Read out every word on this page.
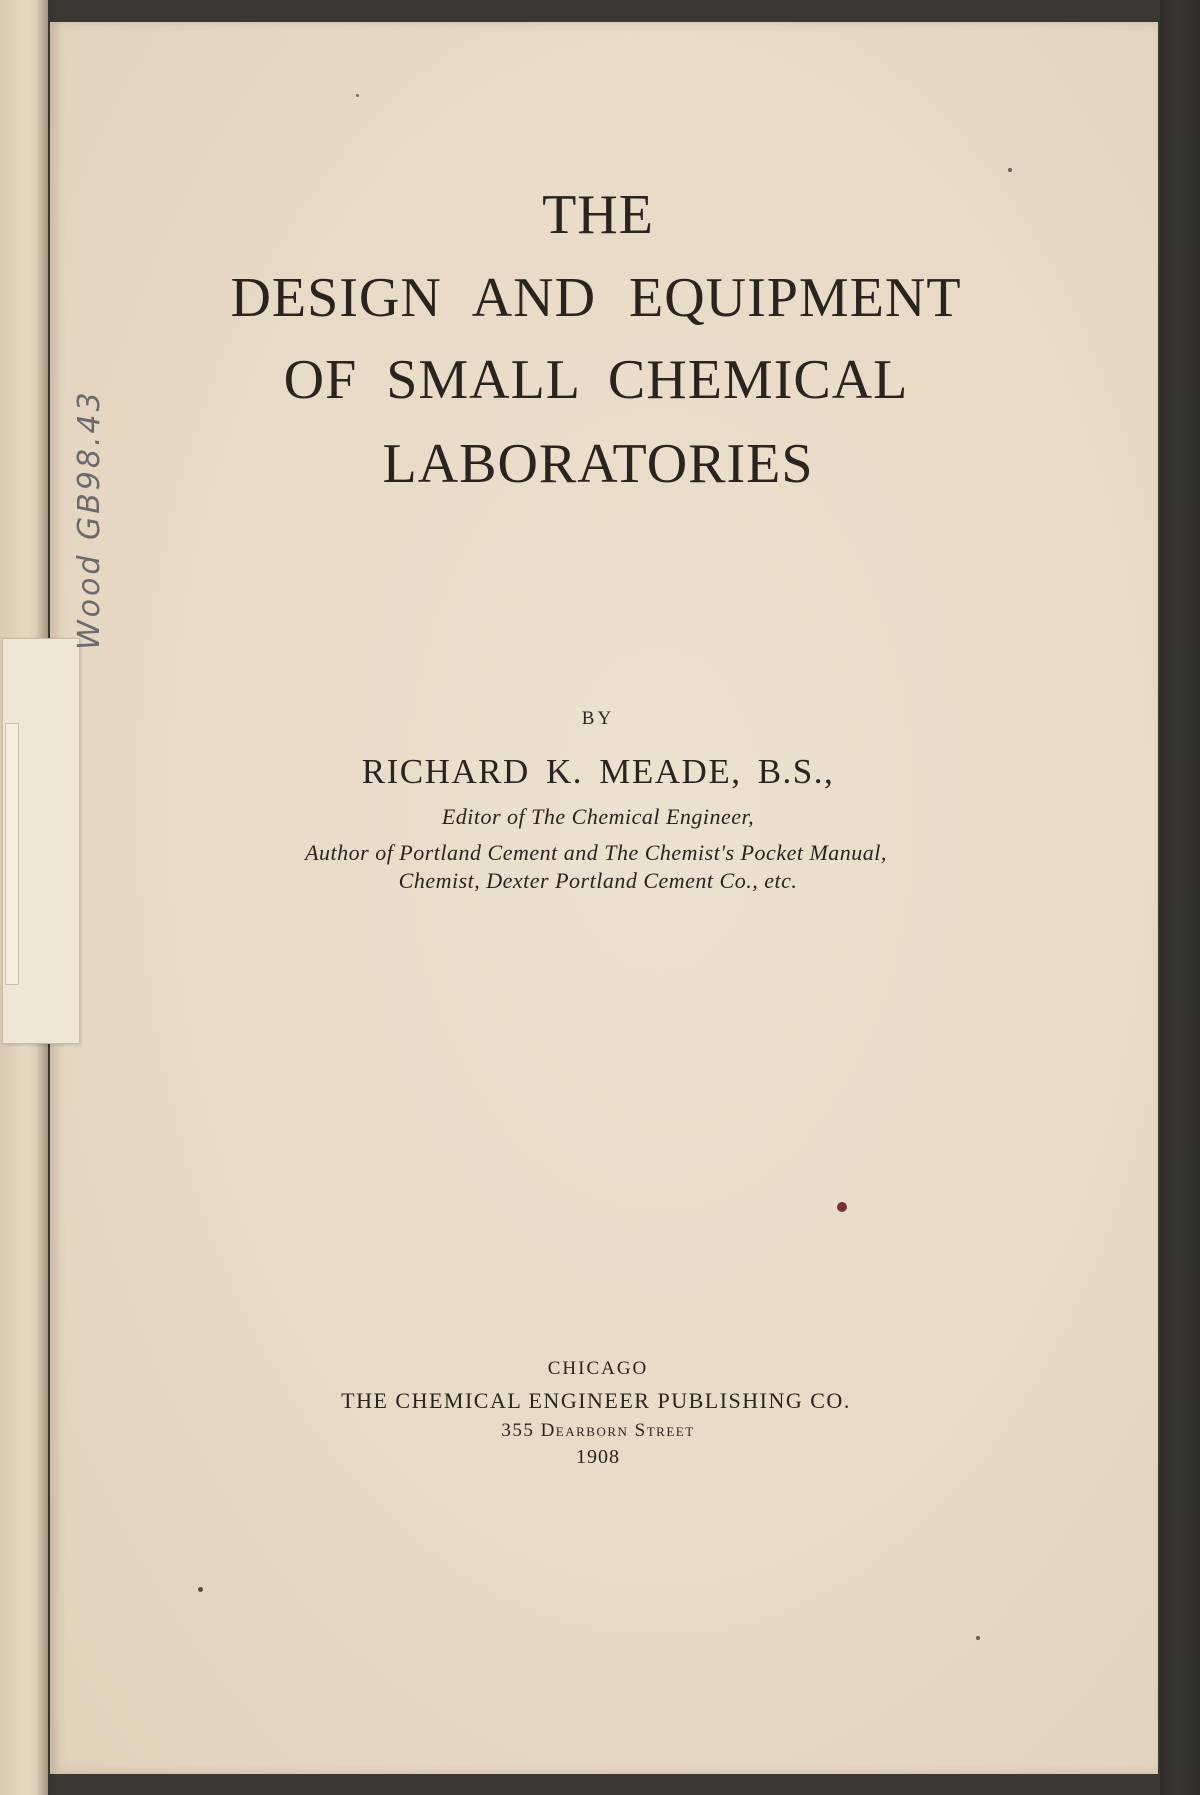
Wood GB98.43
THE
DESIGN AND EQUIPMENT
OF SMALL CHEMICAL
LABORATORIES
BY
RICHARD K. MEADE, B.S.,
Editor of The Chemical Engineer,
Author of Portland Cement and The Chemist's Pocket Manual,
Chemist, Dexter Portland Cement Co., etc.
CHICAGO
THE CHEMICAL ENGINEER PUBLISHING CO.
355 Dearborn Street
1908
